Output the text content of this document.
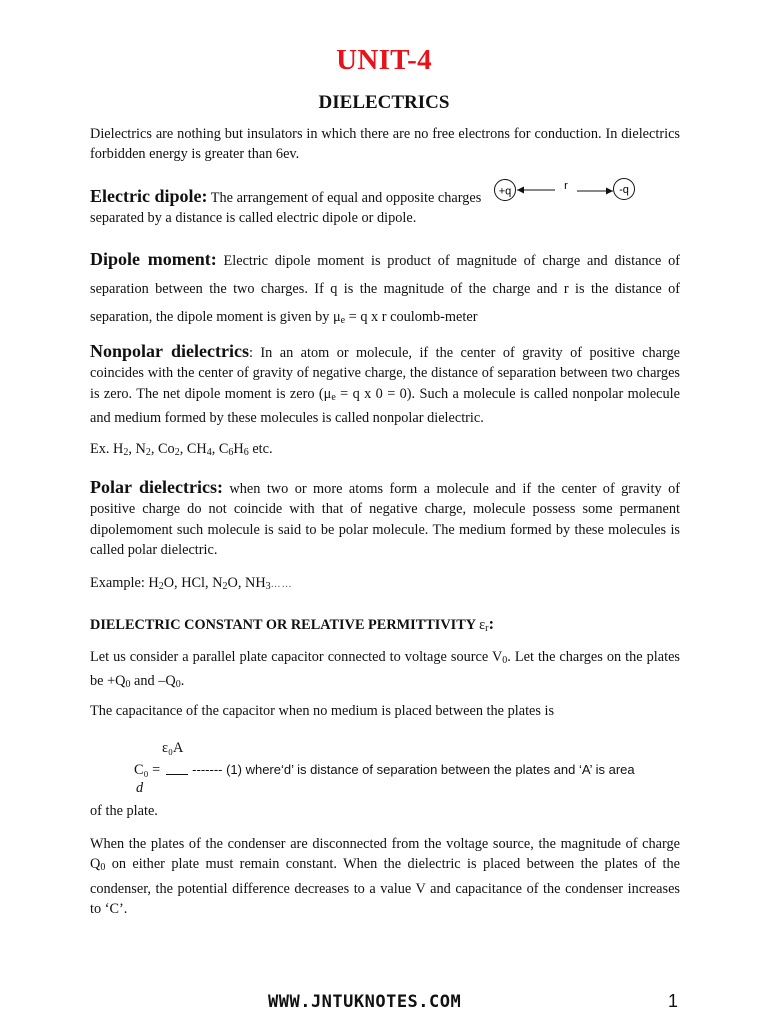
UNIT-4
DIELECTRICS

Dielectrics are nothing but insulators in which there are no free electrons for conduction. In dielectrics forbidden energy is greater than 6ev.

Electric dipole: The arrangement of equal and opposite charges
separated by a distance is called electric dipole or dipole.

+q	r	-q

Dipole moment: Electric dipole moment is product of magnitude of charge and distance of separation between the two charges. If q is the magnitude of the charge and r is the distance of separation, the dipole moment is given by $\mu_e = q$ x r coulomb-meter

Nonpolar dielectrics: In an atom or molecule, if the center of gravity of positive charge coincides with the center of gravity of negative charge, the distance of separation between two charges is zero. The net dipole moment is zero ($\mu_e = q$ x 0 = 0). Such a molecule is called nonpolar molecule and medium formed by these molecules is called nonpolar dielectric.

Ex. $H_2$, $N_2$, $Co_2$, $CH_4$, $C_6H_6$ etc.

Polar dielectrics: when two or more atoms form a molecule and if the center of gravity of positive charge do not coincide with that of negative charge, molecule possess some permanent dipolemoment such molecule is said to be polar molecule. The medium formed by these molecules is called polar dielectric.

Example: $H_2O$, HCl, $N_2O$, $NH_3\dots\dots$

DIELECTRIC CONSTANT OR RELATIVE PERMITTIVITY $\varepsilon_r$:

Let us consider a parallel plate capacitor connected to voltage source $V_0$. Let the charges on the plates be $+Q_0$ and $-Q_0$.

The capacitance of the capacitor when no medium is placed between the plates is

ε₀A
C₀ = ------- (1) where‘d’ is distance of separation between the plates and ‘A’ is area
d

of the plate.

When the plates of the condenser are disconnected from the voltage source, the magnitude of charge $Q_0$ on either plate must remain constant. When the dielectric is placed between the plates of the condenser, the potential difference decreases to a value V and capacitance of the condenser increases to ‘C’.

WWW.JNTUKNOTES.COM	1
